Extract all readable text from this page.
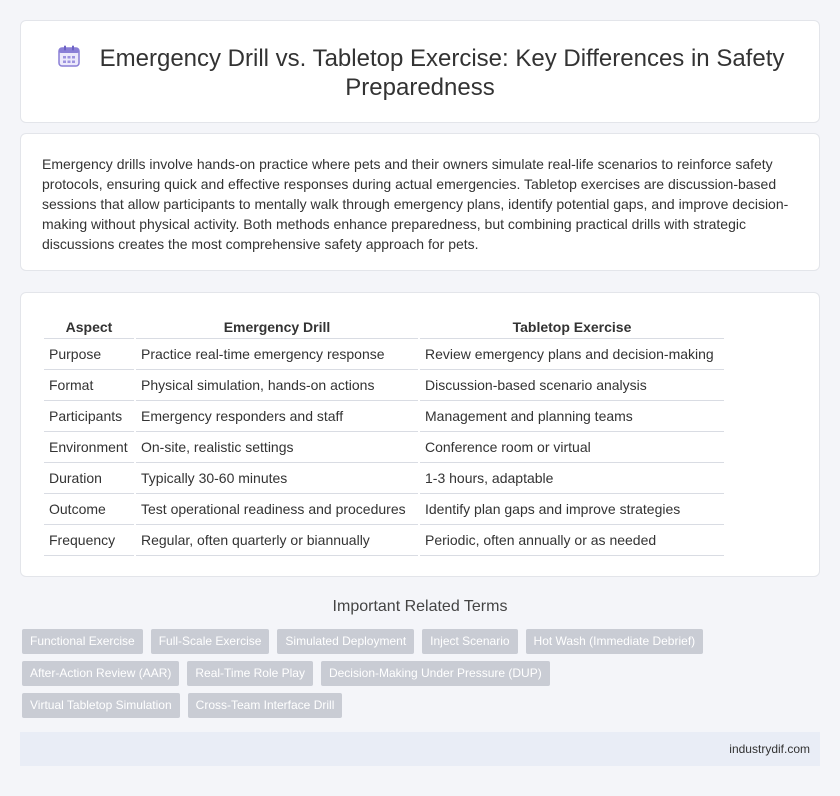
Emergency Drill vs. Tabletop Exercise: Key Differences in Safety Preparedness

Emergency drills involve hands-on practice where pets and their owners simulate real-life scenarios to reinforce safety protocols, ensuring quick and effective responses during actual emergencies. Tabletop exercises are discussion-based sessions that allow participants to mentally walk through emergency plans, identify potential gaps, and improve decision-making without physical activity. Both methods enhance preparedness, but combining practical drills with strategic discussions creates the most comprehensive safety approach for pets.

Aspect	Emergency Drill	Tabletop Exercise
Purpose	Practice real-time emergency response	Review emergency plans and decision-making
Format	Physical simulation, hands-on actions	Discussion-based scenario analysis
Participants	Emergency responders and staff	Management and planning teams
Environment	On-site, realistic settings	Conference room or virtual
Duration	Typically 30-60 minutes	1-3 hours, adaptable
Outcome	Test operational readiness and procedures	Identify plan gaps and improve strategies
Frequency	Regular, often quarterly or biannually	Periodic, often annually or as needed
Important Related Terms
Functional Exercise	Full-Scale Exercise	Simulated Deployment	Inject Scenario	Hot Wash (Immediate Debrief)
After-Action Review (AAR)	Real-Time Role Play	Decision-Making Under Pressure (DUP)
Virtual Tabletop Simulation	Cross-Team Interface Drill
industrydif.com
